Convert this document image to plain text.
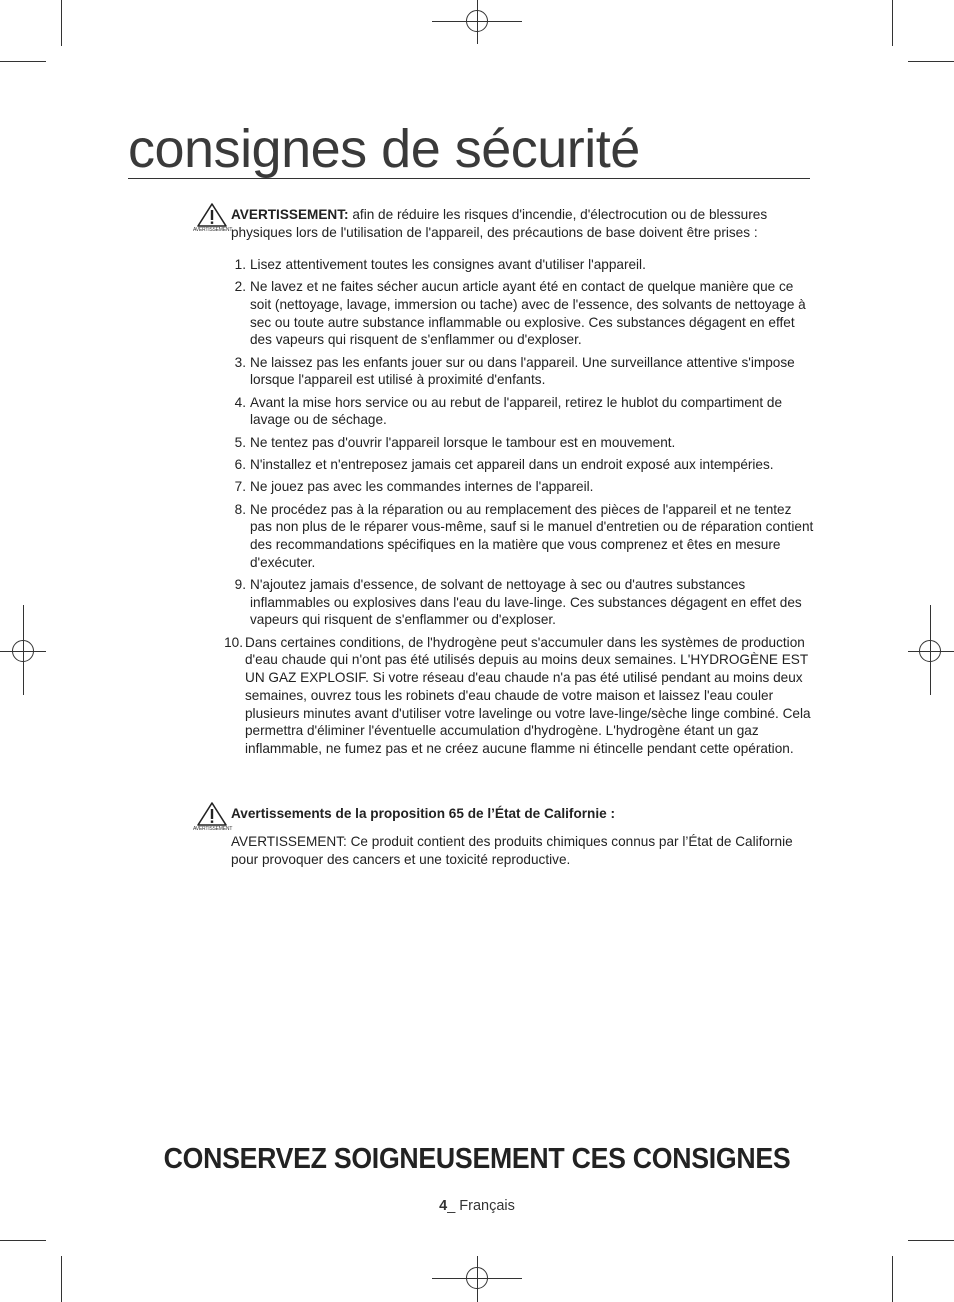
consignes de sécurité
AVERTISSEMENT
AVERTISSEMENT: afin de réduire les risques d'incendie, d'électrocution ou de blessures physiques lors de l'utilisation de l'appareil, des précautions de base doivent être prises :
1. Lisez attentivement toutes les consignes avant d'utiliser l'appareil.
2. Ne lavez et ne faites sécher aucun article ayant été en contact de quelque manière que ce soit (nettoyage, lavage, immersion ou tache) avec de l'essence, des solvants de nettoyage à sec ou toute autre substance inflammable ou explosive. Ces substances dégagent en effet des vapeurs qui risquent de s'enflammer ou d'exploser.
3. Ne laissez pas les enfants jouer sur ou dans l'appareil. Une surveillance attentive s'impose lorsque l'appareil est utilisé à proximité d'enfants.
4. Avant la mise hors service ou au rebut de l'appareil, retirez le hublot du compartiment de lavage ou de séchage.
5. Ne tentez pas d'ouvrir l'appareil lorsque le tambour est en mouvement.
6. N'installez et n'entreposez jamais cet appareil dans un endroit exposé aux intempéries.
7. Ne jouez pas avec les commandes internes de l'appareil.
8. Ne procédez pas à la réparation ou au remplacement des pièces de l'appareil et ne tentez pas non plus de le réparer vous-même, sauf si le manuel d'entretien ou de réparation contient des recommandations spécifiques en la matière que vous comprenez et êtes en mesure d'exécuter.
9. N'ajoutez jamais d'essence, de solvant de nettoyage à sec ou d'autres substances inflammables ou explosives dans l'eau du lave-linge. Ces substances dégagent en effet des vapeurs qui risquent de s'enflammer ou d'exploser.
10. Dans certaines conditions, de l'hydrogène peut s'accumuler dans les systèmes de production d'eau chaude qui n'ont pas été utilisés depuis au moins deux semaines. L'HYDROGÈNE EST UN GAZ EXPLOSIF. Si votre réseau d'eau chaude n'a pas été utilisé pendant au moins deux semaines, ouvrez tous les robinets d'eau chaude de votre maison et laissez l'eau couler plusieurs minutes avant d'utiliser votre lavelinge ou votre lave-linge/sèche linge combiné. Cela permettra d'éliminer l'éventuelle accumulation d'hydrogène. L'hydrogène étant un gaz inflammable, ne fumez pas et ne créez aucune flamme ni étincelle pendant cette opération.
AVERTISSEMENT
Avertissements de la proposition 65 de l’État de Californie :
AVERTISSEMENT: Ce produit contient des produits chimiques connus par l’État de Californie pour provoquer des cancers et une toxicité reproductive.
CONSERVEZ SOIGNEUSEMENT CES CONSIGNES
4_ Français
